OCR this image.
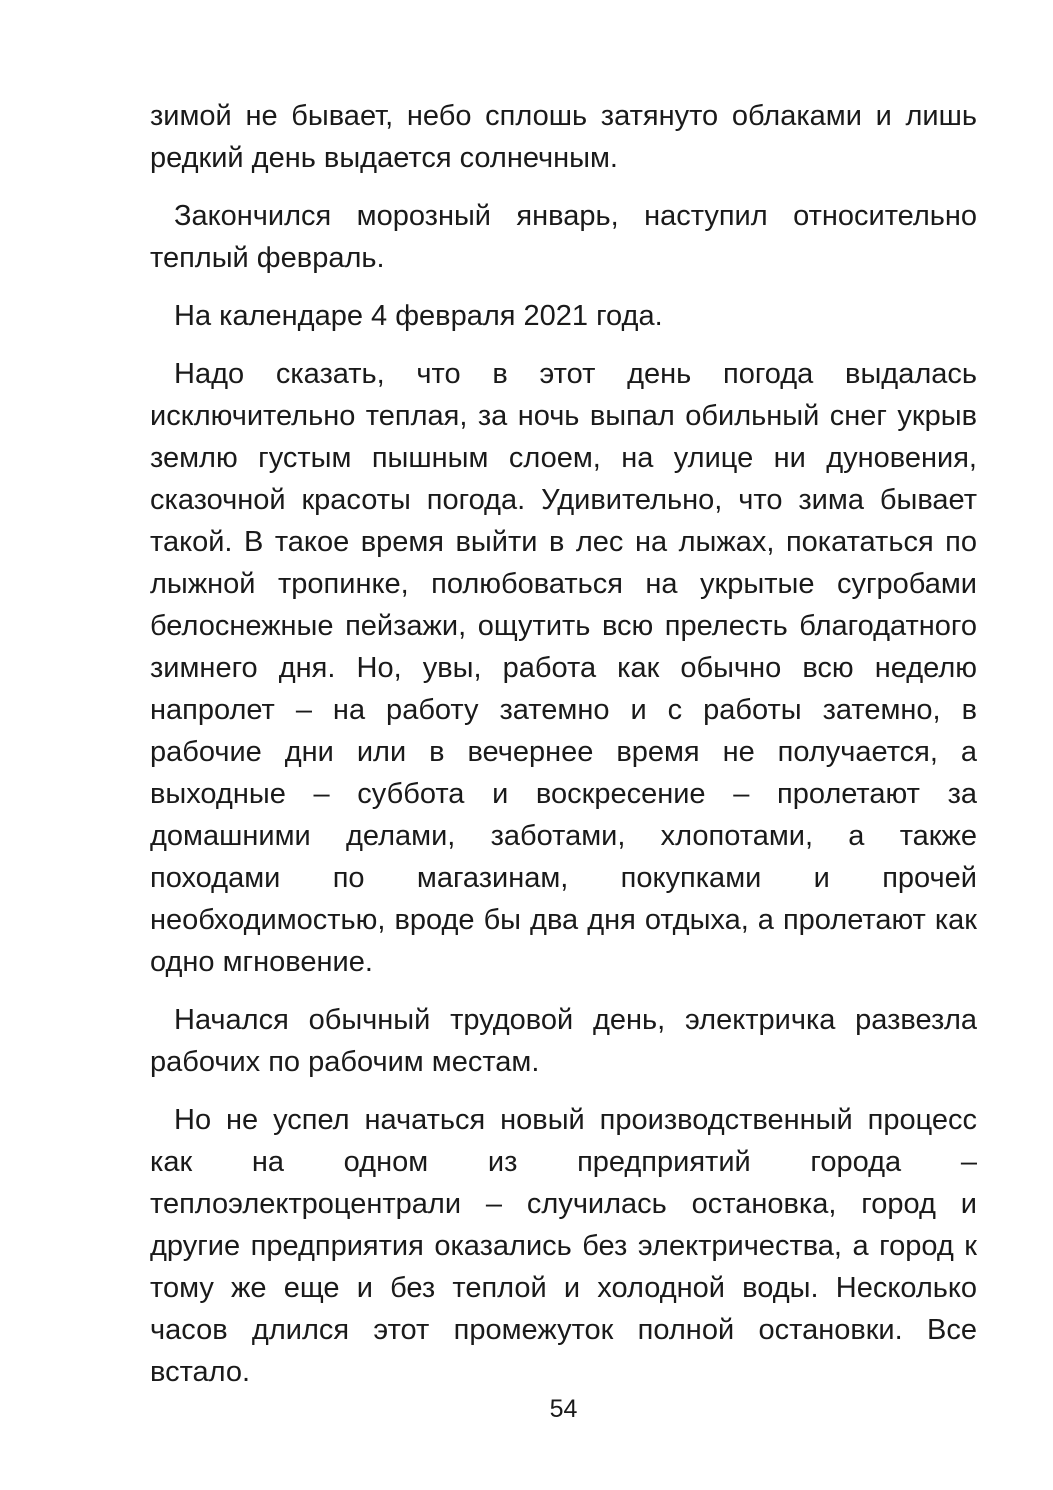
зимой не бывает, небо сплошь затянуто облаками и лишь редкий день выдается солнечным.

Закончился морозный январь, наступил относительно теплый февраль.

На календаре 4 февраля 2021 года.

Надо сказать, что в этот день погода выдалась исключительно теплая, за ночь выпал обильный снег укрыв землю густым пышным слоем, на улице ни дуновения, сказочной красоты погода. Удивительно, что зима бывает такой. В такое время выйти в лес на лыжах, покататься по лыжной тропинке, полюбоваться на укрытые сугробами белоснежные пейзажи, ощутить всю прелесть благодатного зимнего дня. Но, увы, работа как обычно всю неделю напролет – на работу затемно и с работы затемно, в рабочие дни или в вечернее время не получается, а выходные – суббота и воскресение – пролетают за домашними делами, заботами, хлопотами, а также походами по магазинам, покупками и прочей необходимостью, вроде бы два дня отдыха, а пролетают как одно мгновение.

Начался обычный трудовой день, электричка развезла рабочих по рабочим местам.

Но не успел начаться новый производственный процесс как на одном из предприятий города – теплоэлектроцентрали – случилась остановка, город и другие предприятия оказались без электричества, а город к тому же еще и без теплой и холодной воды. Несколько часов длился этот промежуток полной остановки. Все встало.

54
